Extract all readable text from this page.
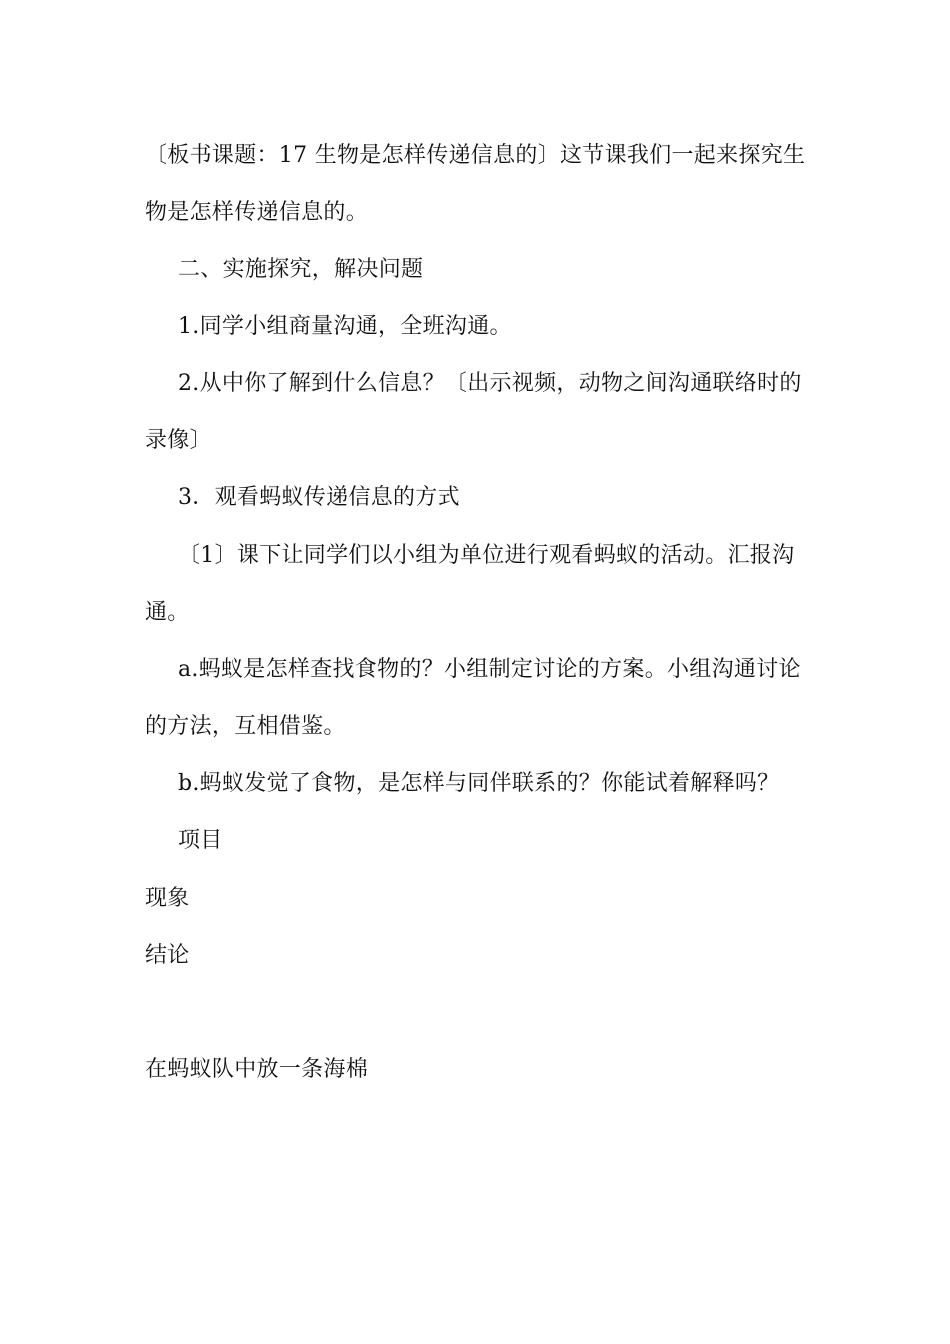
〔板书课题：17 生物是怎样传递信息的〕这节课我们一起来探究生
物是怎样传递信息的。
二、实施探究，解决问题
1.同学小组商量沟通，全班沟通。
2.从中你了解到什么信息？〔出示视频，动物之间沟通联络时的
录像〕
3．观看蚂蚁传递信息的方式
〔1〕课下让同学们以小组为单位进行观看蚂蚁的活动。汇报沟
通。
a.蚂蚁是怎样查找食物的？小组制定讨论的方案。小组沟通讨论
的方法，互相借鉴。
b.蚂蚁发觉了食物，是怎样与同伴联系的？你能试着解释吗？
项目
现象
结论
在蚂蚁队中放一条海棉
